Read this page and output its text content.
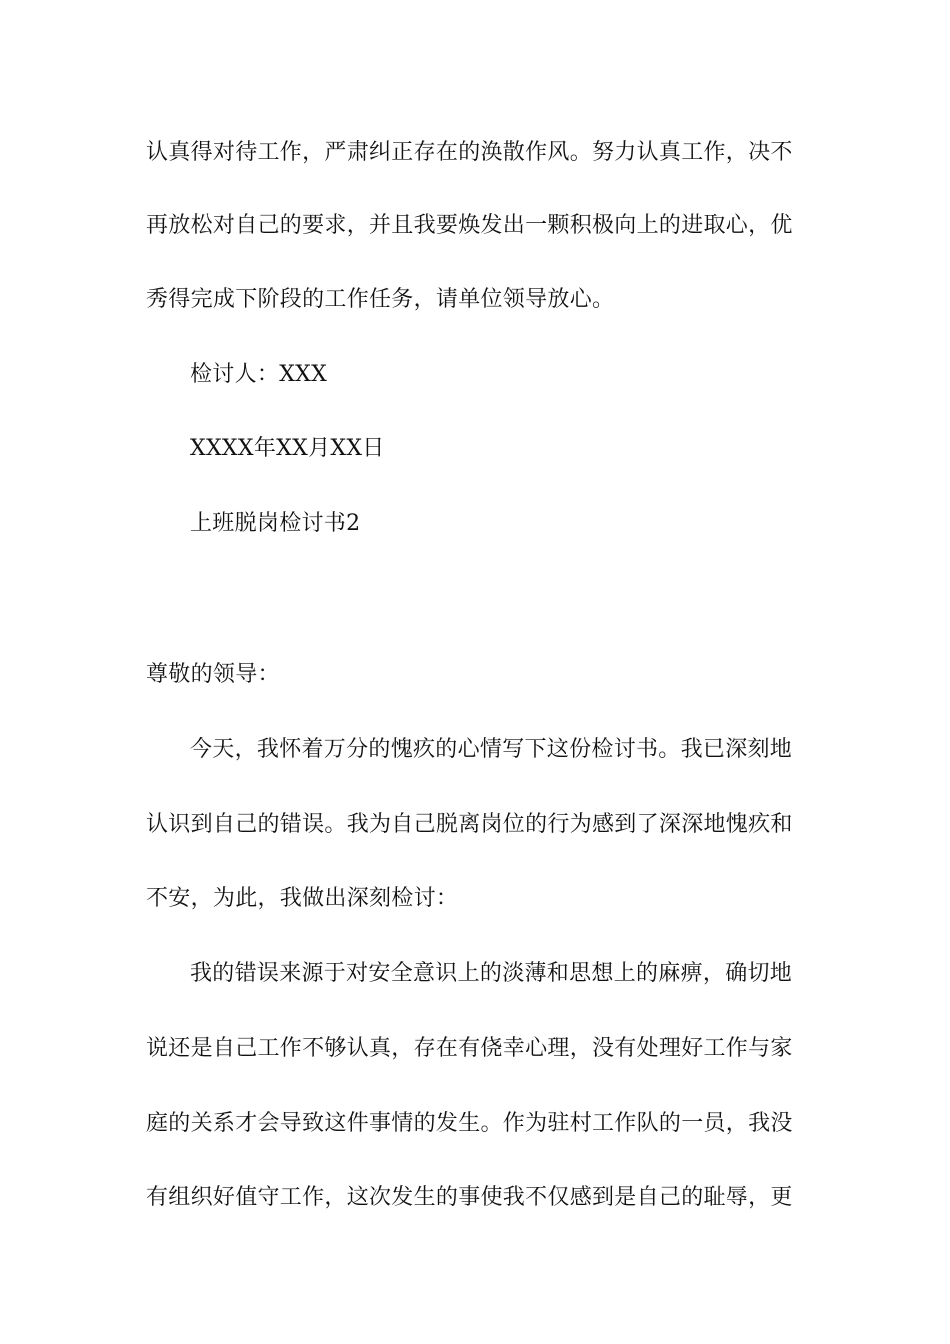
认真得对待工作，严肃纠正存在的涣散作风。努力认真工作，决不
再放松对自己的要求，并且我要焕发出一颗积极向上的进取心，优
秀得完成下阶段的工作任务，请单位领导放心。
检讨人：XXX
XXXX年XX月XX日
上班脱岗检讨书2
尊敬的领导：
今天，我怀着万分的愧疚的心情写下这份检讨书。我已深刻地
认识到自己的错误。我为自己脱离岗位的行为感到了深深地愧疚和
不安，为此，我做出深刻检讨：
我的错误来源于对安全意识上的淡薄和思想上的麻痹，确切地
说还是自己工作不够认真，存在有侥幸心理，没有处理好工作与家
庭的关系才会导致这件事情的发生。作为驻村工作队的一员，我没
有组织好值守工作，这次发生的事使我不仅感到是自己的耻辱，更
